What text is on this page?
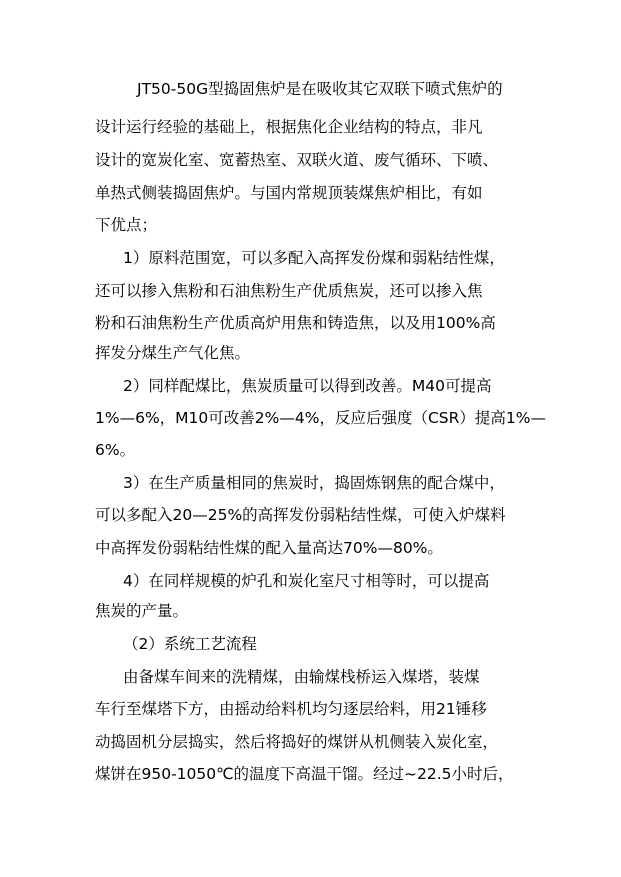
JT50-50G型捣固焦炉是在吸收其它双联下喷式焦炉的
设计运行经验的基础上，根据焦化企业结构的特点，非凡
设计的宽炭化室、宽蓄热室、双联火道、废气循环、下喷、
单热式侧装捣固焦炉。与国内常规顶装煤焦炉相比，有如
下优点；
1）原料范围宽，可以多配入高挥发份煤和弱粘结性煤，
还可以掺入焦粉和石油焦粉生产优质焦炭，还可以掺入焦
粉和石油焦粉生产优质高炉用焦和铸造焦，以及用100%高
挥发分煤生产气化焦。
2）同样配煤比，焦炭质量可以得到改善。M40可提高
1%—6%，M10可改善2%—4%，反应后强度（CSR）提高1%—
6%。
3）在生产质量相同的焦炭时，捣固炼钢焦的配合煤中，
可以多配入20—25%的高挥发份弱粘结性煤，可使入炉煤料
中高挥发份弱粘结性煤的配入量高达70%—80%。
4）在同样规模的炉孔和炭化室尺寸相等时，可以提高
焦炭的产量。
（2）系统工艺流程
由备煤车间来的洗精煤，由输煤栈桥运入煤塔，装煤
车行至煤塔下方，由摇动给料机均匀逐层给料，用21锤移
动捣固机分层捣实，然后将捣好的煤饼从机侧装入炭化室，
煤饼在950-1050℃的温度下高温干馏。经过~22.5小时后，
